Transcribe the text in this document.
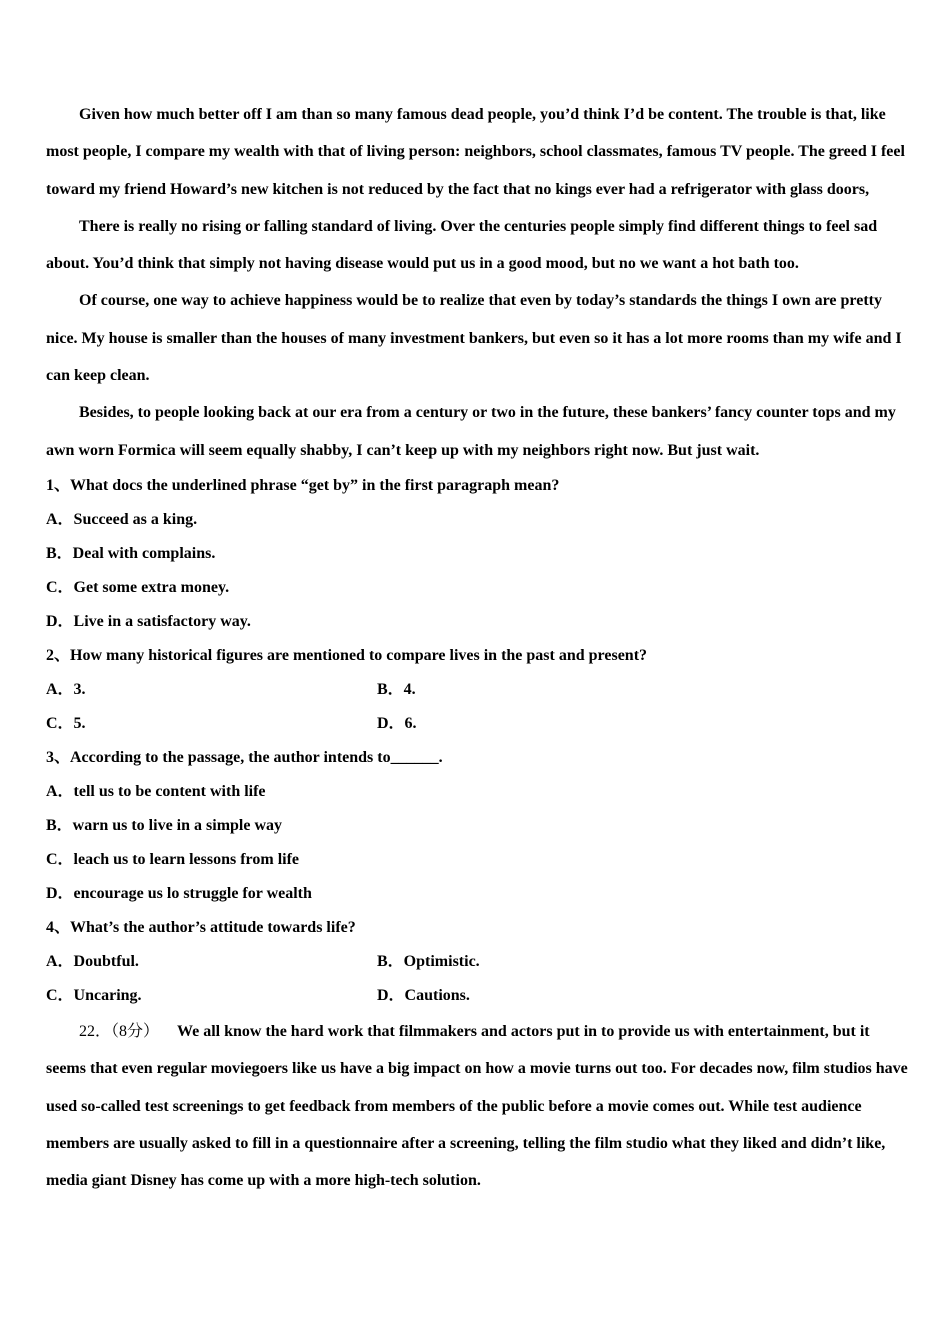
Given how much better off I am than so many famous dead people, you’d think I’d be content. The trouble is that, like most people, I compare my wealth with that of living person: neighbors, school classmates, famous TV people. The greed I feel toward my friend Howard’s new kitchen is not reduced by the fact that no kings ever had a refrigerator with glass doors,

There is really no rising or falling standard of living. Over the centuries people simply find different things to feel sad about. You’d think that simply not having disease would put us in a good mood, but no we want a hot bath too.

Of course, one way to achieve happiness would be to realize that even by today’s standards the things I own are pretty nice. My house is smaller than the houses of many investment bankers, but even so it has a lot more rooms than my wife and I can keep clean.

Besides, to people looking back at our era from a century or two in the future, these bankers’ fancy counter tops and my awn worn Formica will seem equally shabby, I can’t keep up with my neighbors right now. But just wait.

1、What docs the underlined phrase “get by” in the first paragraph mean?
A．Succeed as a king.
B．Deal with complains.
C．Get some extra money.
D．Live in a satisfactory way.
2、How many historical figures are mentioned to compare lives in the past and present?
A．3.	B．4.
C．5.	D．6.
3、According to the passage, the author intends to______.
A．tell us to be content with life
B．warn us to live in a simple way
C．leach us to learn lessons from life
D．encourage us lo struggle for wealth
4、What’s the author’s attitude towards life?
A．Doubtful.	B．Optimistic.
C．Uncaring.	D．Cautions.

22．（8分） We all know the hard work that filmmakers and actors put in to provide us with entertainment, but it seems that even regular moviegoers like us have a big impact on how a movie turns out too. For decades now, film studios have used so-called test screenings to get feedback from members of the public before a movie comes out. While test audience members are usually asked to fill in a questionnaire after a screening, telling the film studio what they liked and didn’t like, media giant Disney has come up with a more high-tech solution.
